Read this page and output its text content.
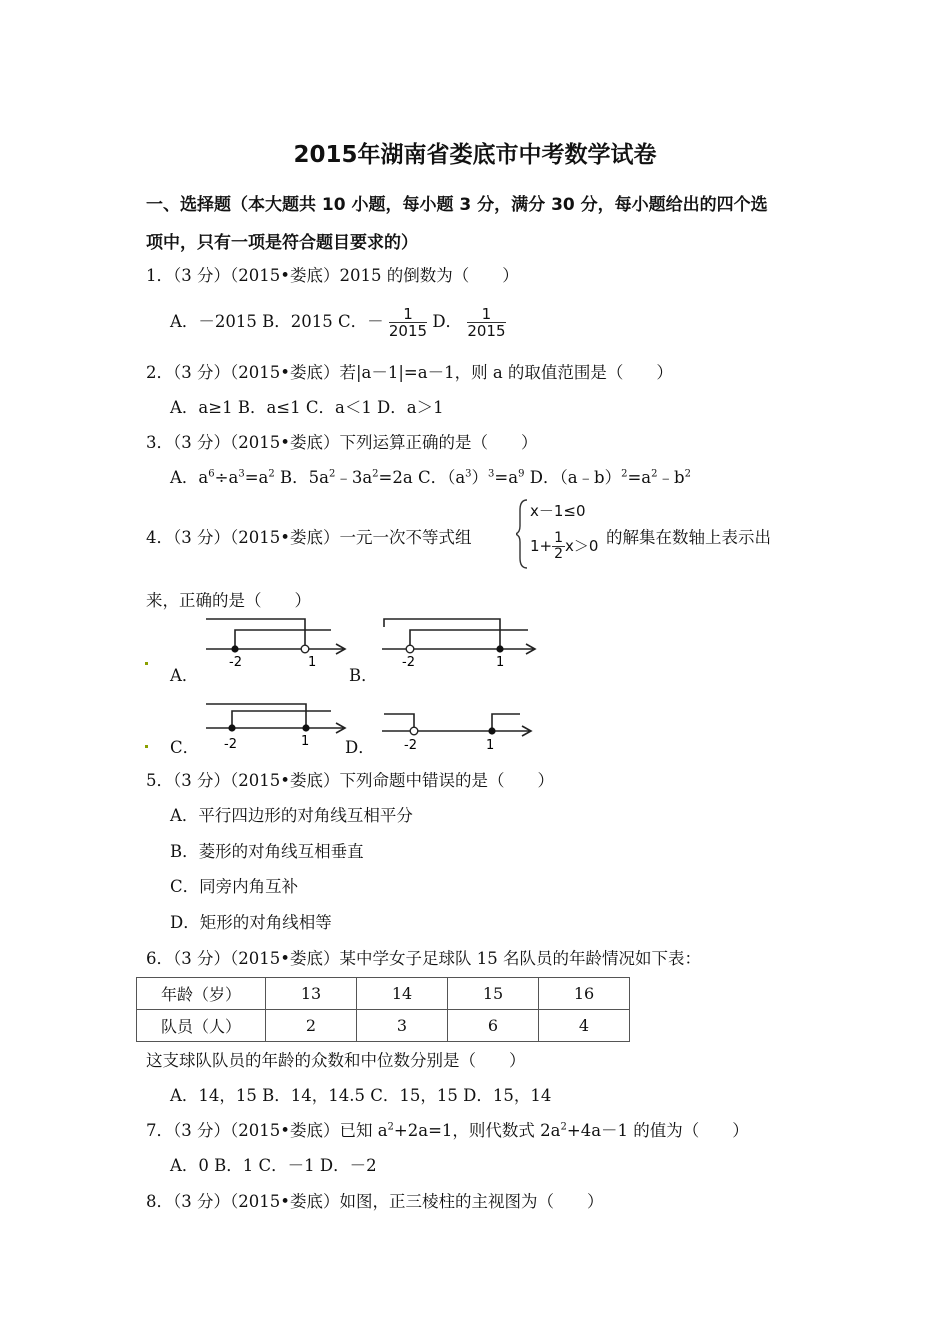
2015年湖南省娄底市中考数学试卷
一、选择题（本大题共 10 小题，每小题 3 分，满分 30 分，每小题给出的四个选
项中，只有一项是符合题目要求的）
1．（3 分）（2015•娄底）2015 的倒数为（　　）
A．－2015 B．2015 C．－ $\frac{1}{2015}$ D． $\frac{1}{2015}$
2．（3 分）（2015•娄底）若|a－1|=a－1，则 a 的取值范围是（　　）
A．a≥1 B．a≤1 C．a＜1 D．a＞1
3．（3 分）（2015•娄底）下列运算正确的是（　　）
A．$a^6\div a^3=a^2$ B．$5a^2﹣3a^2=2a$ C．$(a^3)^3=a^9$ D．$(a﹣b)^2=a^2﹣b^2$
4．（3 分）（2015•娄底）一元一次不等式组
x－1≤0
$1+ \frac{1}{2} x>0$ 的解集在数轴上表示出
来，正确的是（　　）
A．
-2	1
B．
-2	1
C． -2	1 D． -2	1
5．（3 分）（2015•娄底）下列命题中错误的是（　　）
A．平行四边形的对角线互相平分
B．菱形的对角线互相垂直
C．同旁内角互补
D．矩形的对角线相等
6．（3 分）（2015•娄底）某中学女子足球队 15 名队员的年龄情况如下表：
年龄（岁）	13	14	15	16
队员（人）	2	3	6	4
这支球队队员的年龄的众数和中位数分别是（　　）
A．14，15 B．14，14.5 C．15，15 D．15，14
7．（3 分）（2015•娄底）已知 $a^2+2a=1$，则代数式 $2a^2+4a-1$ 的值为（　　）
A．0 B．1 C．－1 D．－2
8．（3 分）（2015•娄底）如图，正三棱柱的主视图为（　　）
